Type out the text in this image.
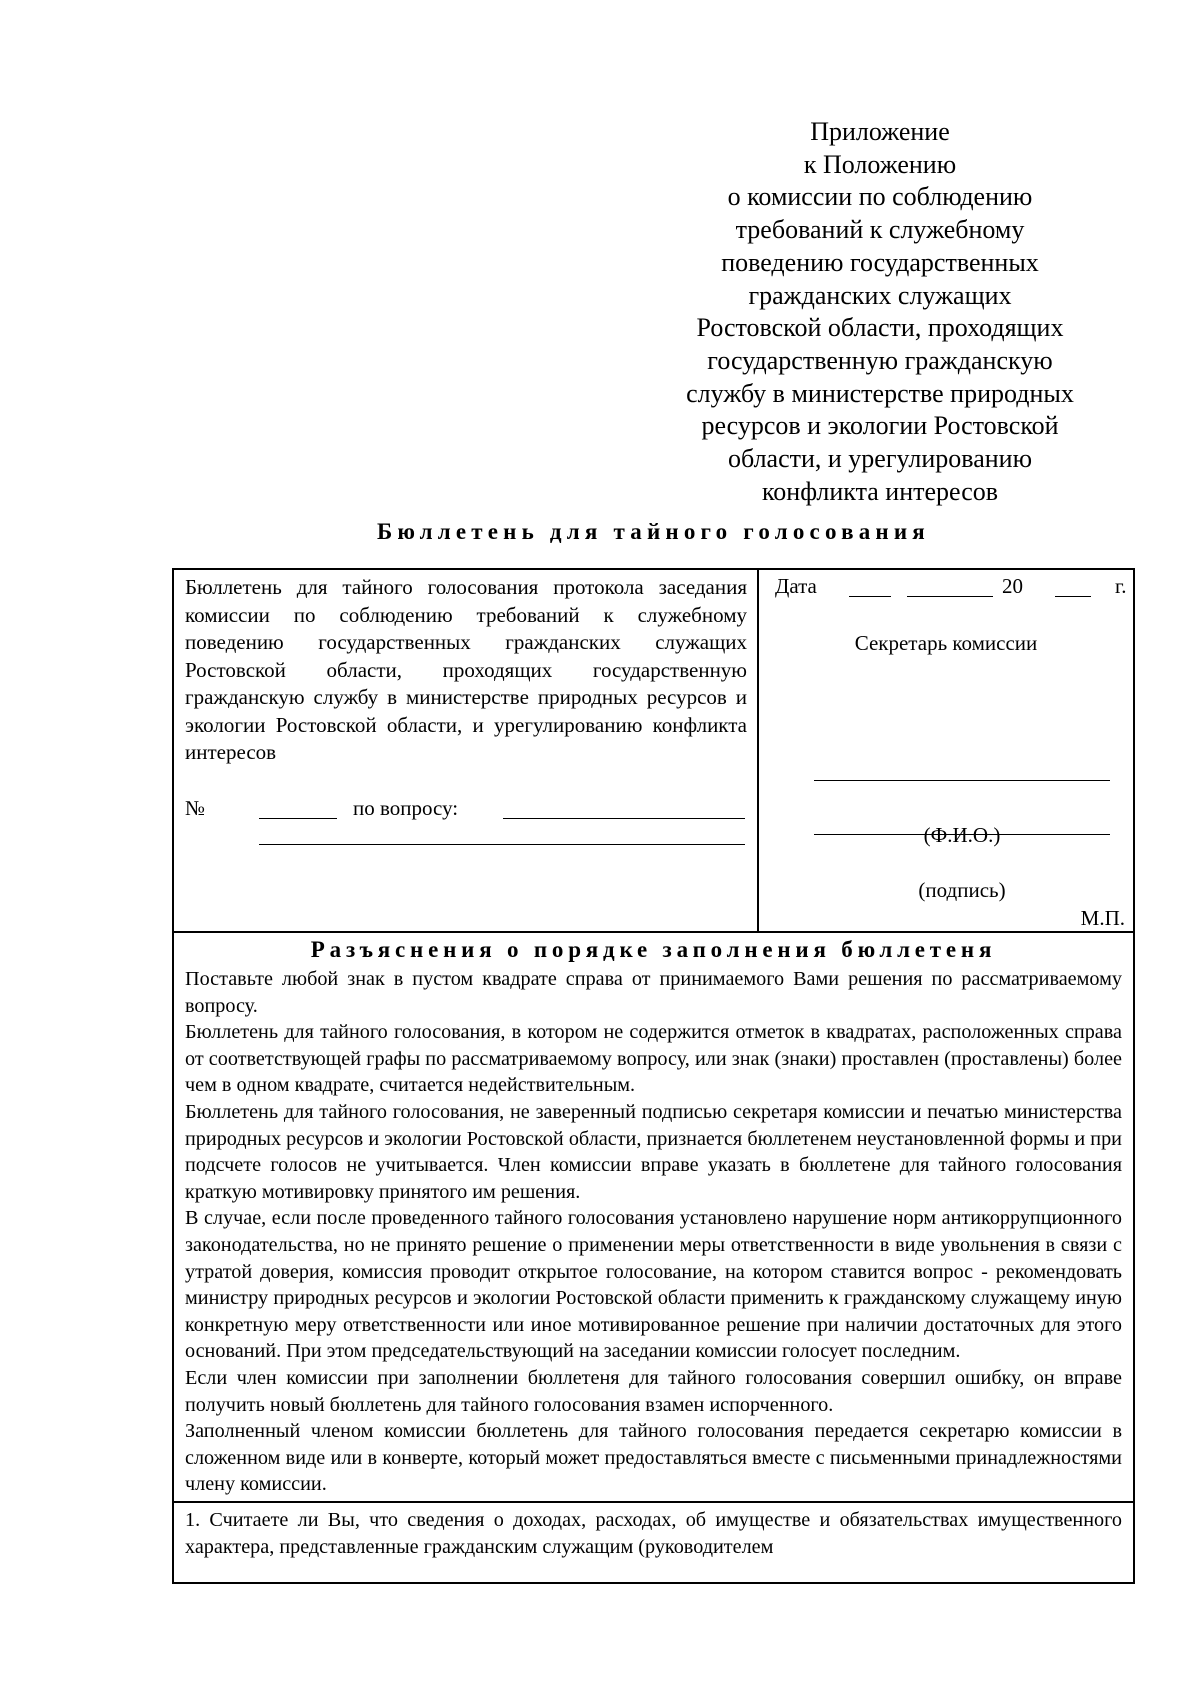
Приложение
к Положению
о комиссии по соблюдению
требований к служебному
поведению государственных
гражданских служащих
Ростовской области, проходящих
государственную гражданскую
службу в министерстве природных
ресурсов и экологии Ростовской
области, и урегулированию
конфликта интересов
Бюллетень для тайного голосования
Бюллетень для тайного голосования протокола заседания комиссии по соблюдению требований к служебному поведению государственных гражданских служащих Ростовской области, проходящих государственную гражданскую службу в министерстве природных ресурсов и экологии Ростовской области, и урегулированию конфликта интересов
№	по вопросу:
Дата	20	г.
Секретарь комиссии
(Ф.И.О.)
(подпись)
М.П.
Разъяснения о порядке заполнения бюллетеня

Поставьте любой знак в пустом квадрате справа от принимаемого Вами решения по рассматриваемому вопросу.

Бюллетень для тайного голосования, в котором не содержится отметок в квадратах, расположенных справа от соответствующей графы по рассматриваемому вопросу, или знак (знаки) проставлен (проставлены) более чем в одном квадрате, считается недействительным.

Бюллетень для тайного голосования, не заверенный подписью секретаря комиссии и печатью министерства природных ресурсов и экологии Ростовской области, признается бюллетенем неустановленной формы и при подсчете голосов не учитывается. Член комиссии вправе указать в бюллетене для тайного голосования краткую мотивировку принятого им решения.

В случае, если после проведенного тайного голосования установлено нарушение норм антикоррупционного законодательства, но не принято решение о применении меры ответственности в виде увольнения в связи с утратой доверия, комиссия проводит открытое голосование, на котором ставится вопрос - рекомендовать министру природных ресурсов и экологии Ростовской области применить к гражданскому служащему иную конкретную меру ответственности или иное мотивированное решение при наличии достаточных для этого оснований. При этом председательствующий на заседании комиссии голосует последним.

Если член комиссии при заполнении бюллетеня для тайного голосования совершил ошибку, он вправе получить новый бюллетень для тайного голосования взамен испорченного.

Заполненный членом комиссии бюллетень для тайного голосования передается секретарю комиссии в сложенном виде или в конверте, который может предоставляться вместе с письменными принадлежностями члену комиссии.

1. Считаете ли Вы, что сведения о доходах, расходах, об имуществе и обязательствах имущественного характера, представленные гражданским служащим (руководителем
